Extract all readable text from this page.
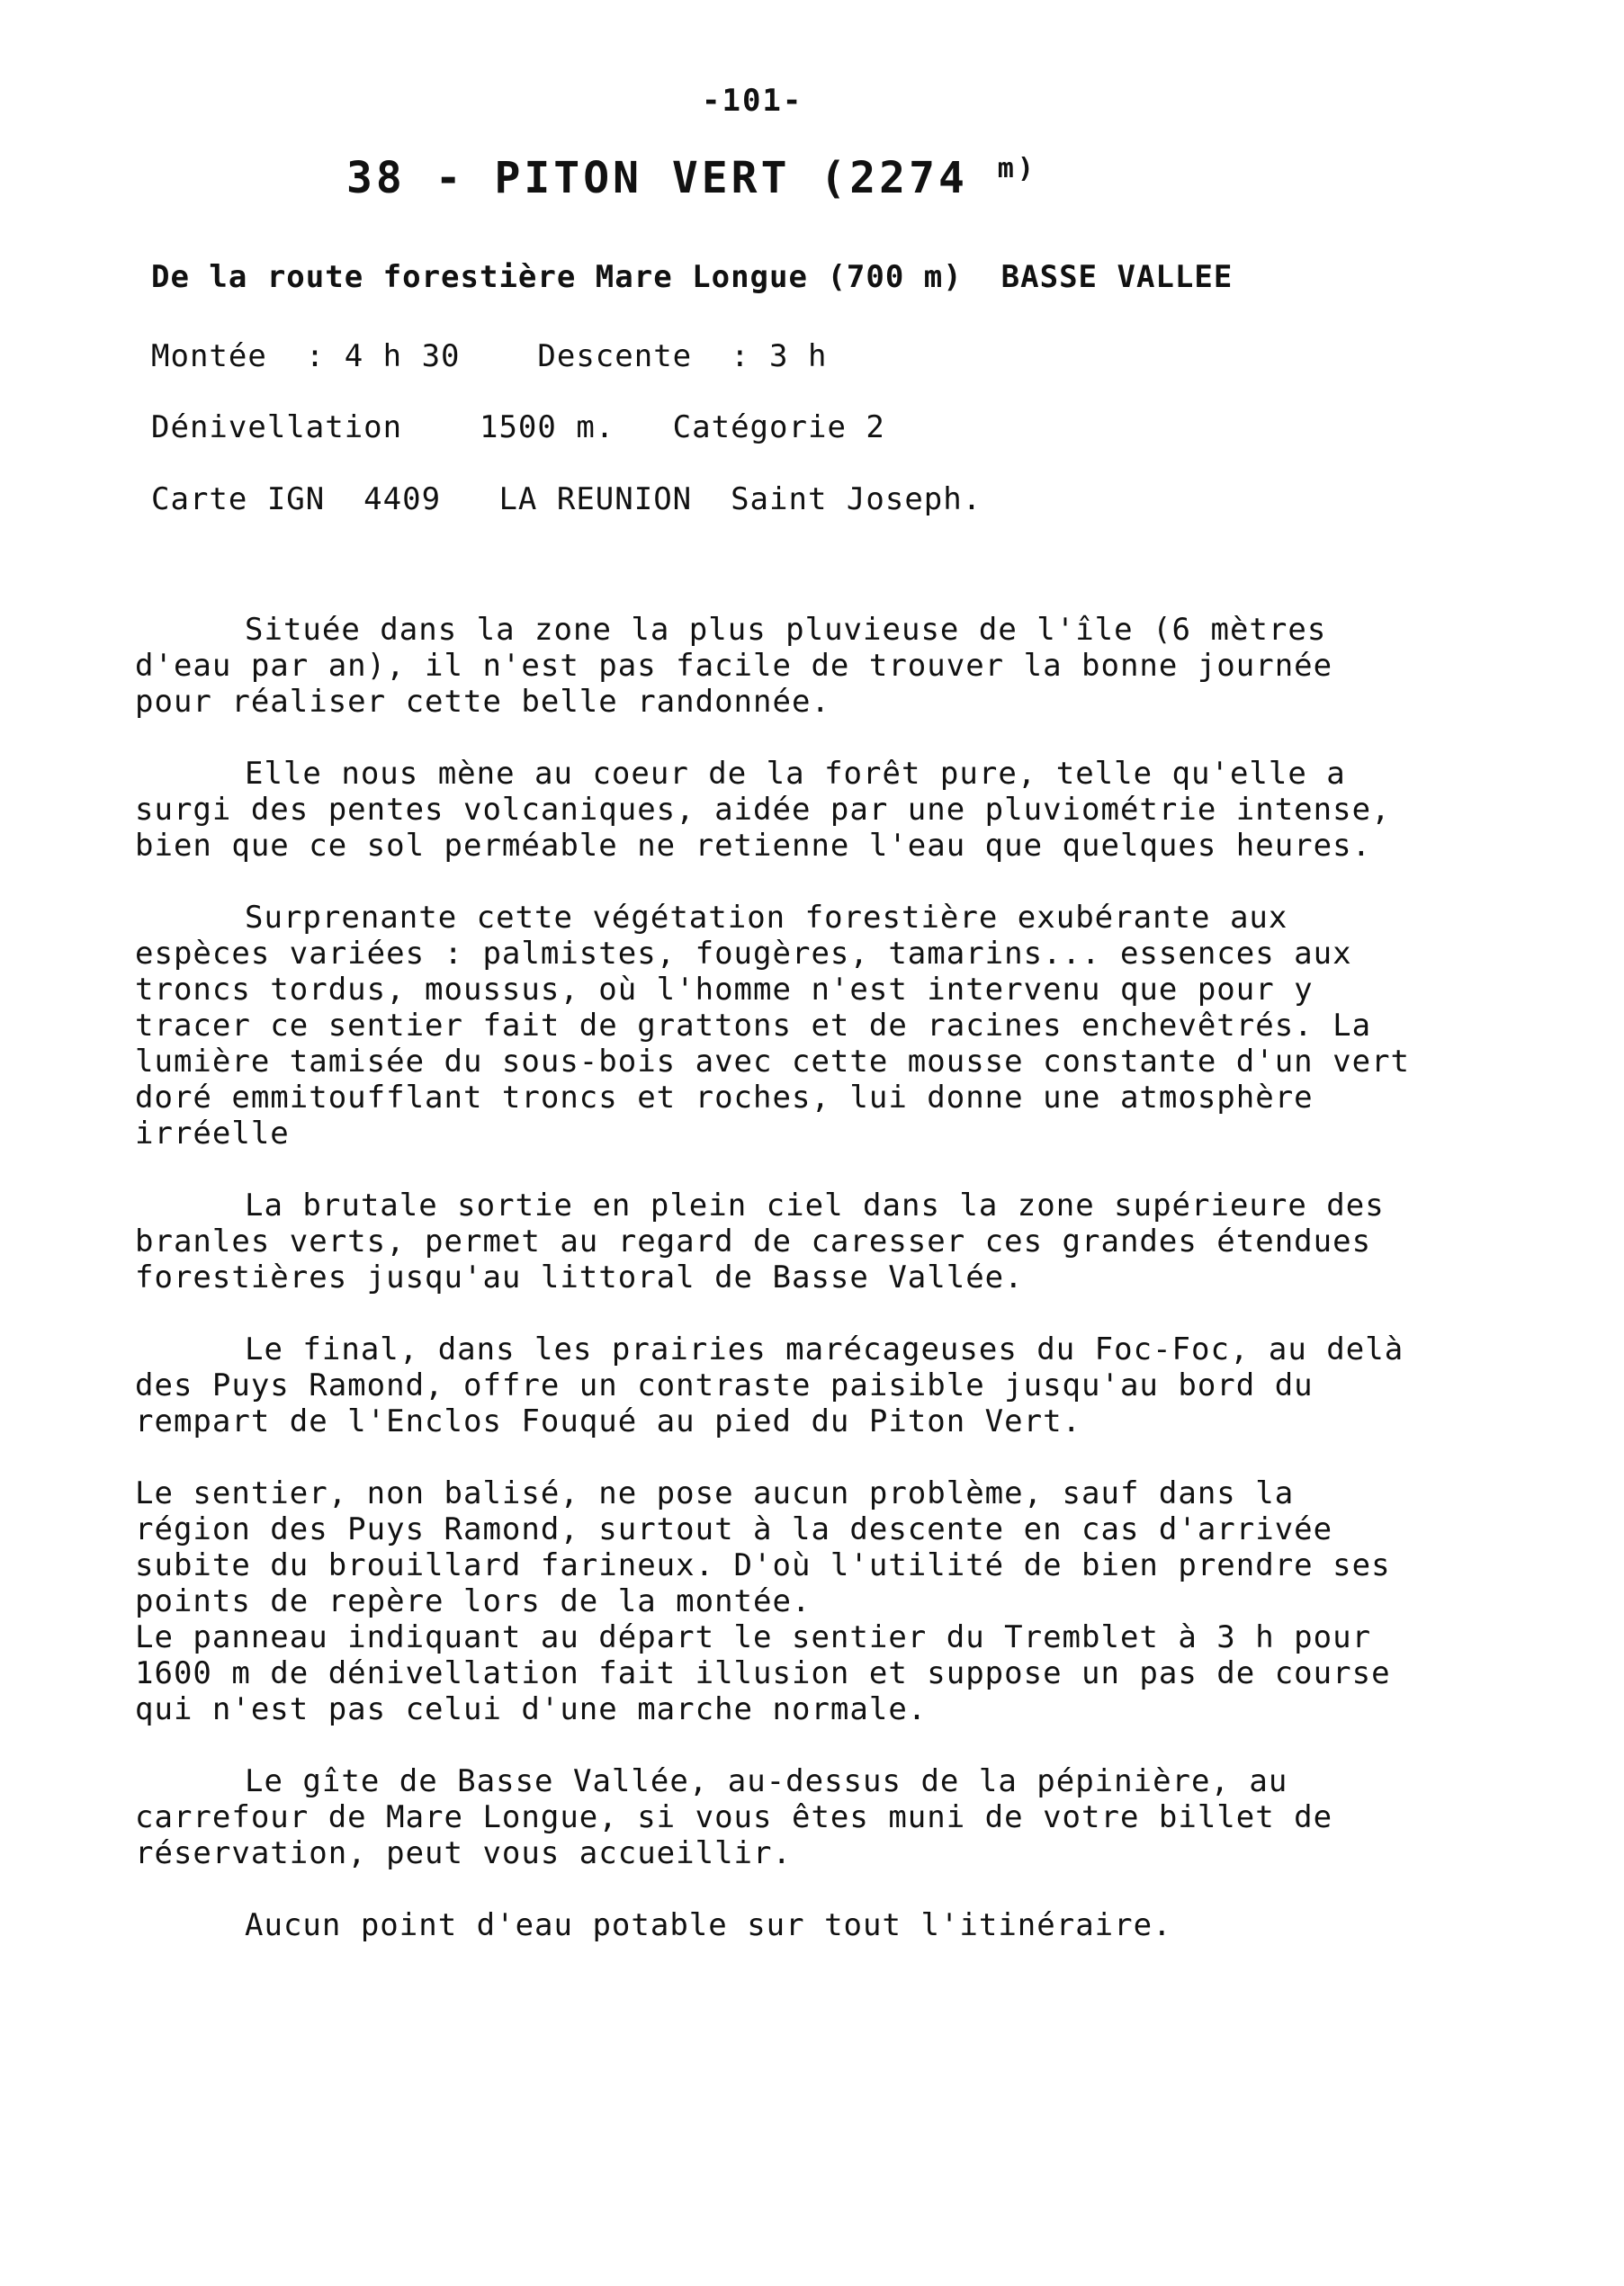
-101-
38 - PITON VERT (2274 $^{m)}$
De la route forestière Mare Longue (700 m)  BASSE VALLEE
Montée  : 4 h 30    Descente  : 3 h
Dénivellation    1500 m.   Catégorie 2
Carte IGN  4409   LA REUNION  Saint Joseph.

Située dans la zone la plus pluvieuse de l'île (6 mètres d'eau par an), il n'est pas facile de trouver la bonne journée pour réaliser cette belle randonnée.

Elle nous mène au coeur de la forêt pure, telle qu'elle a surgi des pentes volcaniques, aidée par une pluviométrie intense, bien que ce sol perméable ne retienne l'eau que quelques heures.

Surprenante cette végétation forestière exubérante aux espèces variées : palmistes, fougères, tamarins... essences aux troncs tordus, moussus, où l'homme n'est intervenu que pour y tracer ce sentier fait de grattons et de racines enchevêtrés. La lumière tamisée du sous-bois avec cette mousse constante d'un vert doré emmitoufflant troncs et roches, lui donne une atmosphère irréelle

La brutale sortie en plein ciel dans la zone supérieure des branles verts, permet au regard de caresser ces grandes étendues forestières jusqu'au littoral de Basse Vallée.

Le final, dans les prairies marécageuses du Foc-Foc, au delà des Puys Ramond, offre un contraste paisible jusqu'au bord du rempart de l'Enclos Fouqué au pied du Piton Vert.

Le sentier, non balisé, ne pose aucun problème, sauf dans la région des Puys Ramond, surtout à la descente en cas d'arrivée subite du brouillard farineux. D'où l'utilité de bien prendre ses points de repère lors de la montée.

Le panneau indiquant au départ le sentier du Tremblet à 3 h pour 1600 m de dénivellation fait illusion et suppose un pas de course qui n'est pas celui d'une marche normale.

Le gîte de Basse Vallée, au-dessus de la pépinière, au carrefour de Mare Longue, si vous êtes muni de votre billet de réservation, peut vous accueillir.

Aucun point d'eau potable sur tout l'itinéraire.
